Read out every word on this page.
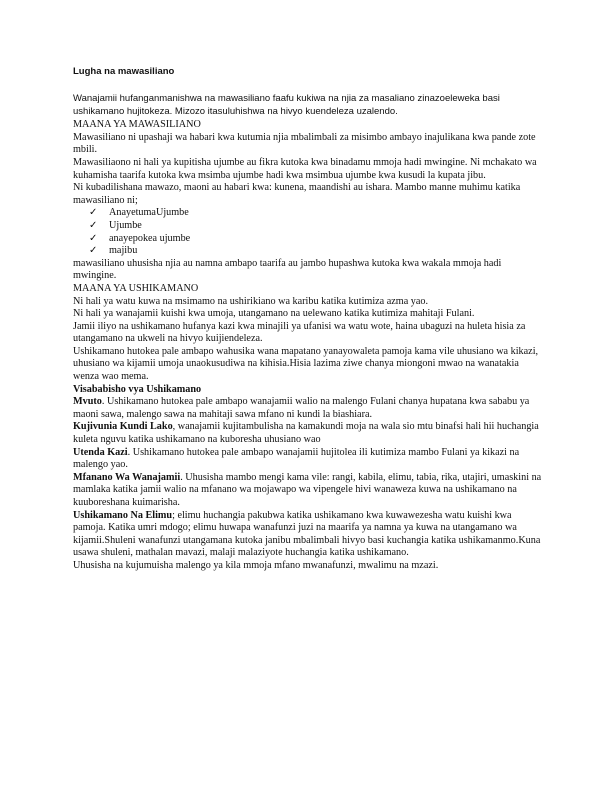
Lugha na mawasiliano

Wanajamii hufanganmanishwa na mawasiliano faafu kukiwa na njia za masaliano zinazoeleweka basi ushikamano hujitokeza. Mizozo itasuluhishwa na hivyo kuendeleza uzalendo.

MAANA YA MAWASILIANO

Mawasiliano ni upashaji wa habari kwa kutumia njia mbalimbali za misimbo ambayo inajulikana kwa pande zote mbili.

Mawasiliaono ni hali ya kupitisha ujumbe au fikra kutoka kwa binadamu mmoja hadi mwingine. Ni mchakato wa kuhamisha taarifa kutoka kwa msimba ujumbe hadi kwa msimbua ujumbe kwa kusudi la kupata jibu.

Ni kubadilishana mawazo, maoni au habari kwa: kunena, maandishi au ishara. Mambo manne muhimu katika mawasiliano ni;

✓ AnayetumaUjumbe
✓ Ujumbe
✓ anayepokea ujumbe
✓ majibu

mawasiliano uhusisha njia au namna ambapo taarifa au jambo hupashwa kutoka kwa wakala mmoja hadi mwingine.

MAANA YA USHIKAMANO

Ni hali ya watu kuwa na msimamo na ushirikiano wa karibu katika kutimiza azma yao.

Ni hali ya wanajamii kuishi kwa umoja, utangamano na uelewano katika kutimiza mahitaji Fulani.

Jamii iliyo na ushikamano hufanya kazi kwa minajili ya ufanisi wa watu wote, haina ubaguzi na huleta hisia za utangamano na ukweli na hivyo kuijiendeleza.

Ushikamano hutokea pale ambapo wahusika wana mapatano yanayowaleta pamoja kama vile uhusiano wa kikazi, uhusiano wa kijamii umoja unaokusudiwa na kihisia.Hisia lazima ziwe chanya miongoni mwao na wanatakia wenza wao mema.

Visababisho vya Ushikamano

Mvuto. Ushikamano hutokea pale ambapo wanajamii walio na malengo Fulani chanya hupatana kwa sababu ya maoni sawa, malengo sawa na mahitaji sawa mfano ni kundi la biashiara.

Kujivunia Kundi Lako, wanajamii kujitambulisha na kamakundi moja na wala sio mtu binafsi hali hii huchangia kuleta nguvu katika ushikamano na kuboresha uhusiano wao

Utenda Kazi. Ushikamano hutokea pale ambapo wanajamii hujitolea ili kutimiza mambo Fulani ya kikazi na malengo yao.

Mfanano Wa Wanajamii. Uhusisha mambo mengi kama vile: rangi, kabila, elimu, tabia, rika, utajiri, umaskini na mamlaka katika jamii walio na mfanano wa mojawapo wa vipengele hivi wanaweza kuwa na ushikamano na kuuboreshana kuimarisha.

Ushikamano Na Elimu; elimu huchangia pakubwa katika ushikamano kwa kuwawezesha watu kuishi kwa pamoja. Katika umri mdogo; elimu huwapa wanafunzi juzi na maarifa ya namna ya kuwa na utangamano wa kijamii.Shuleni wanafunzi utangamana kutoka janibu mbalimbali hivyo basi kuchangia katika ushikamanmo.Kuna usawa shuleni, mathalan mavazi, malaji malaziyote huchangia katika ushikamano.

Uhusisha na kujumuisha malengo ya kila mmoja mfano mwanafunzi, mwalimu na mzazi.
